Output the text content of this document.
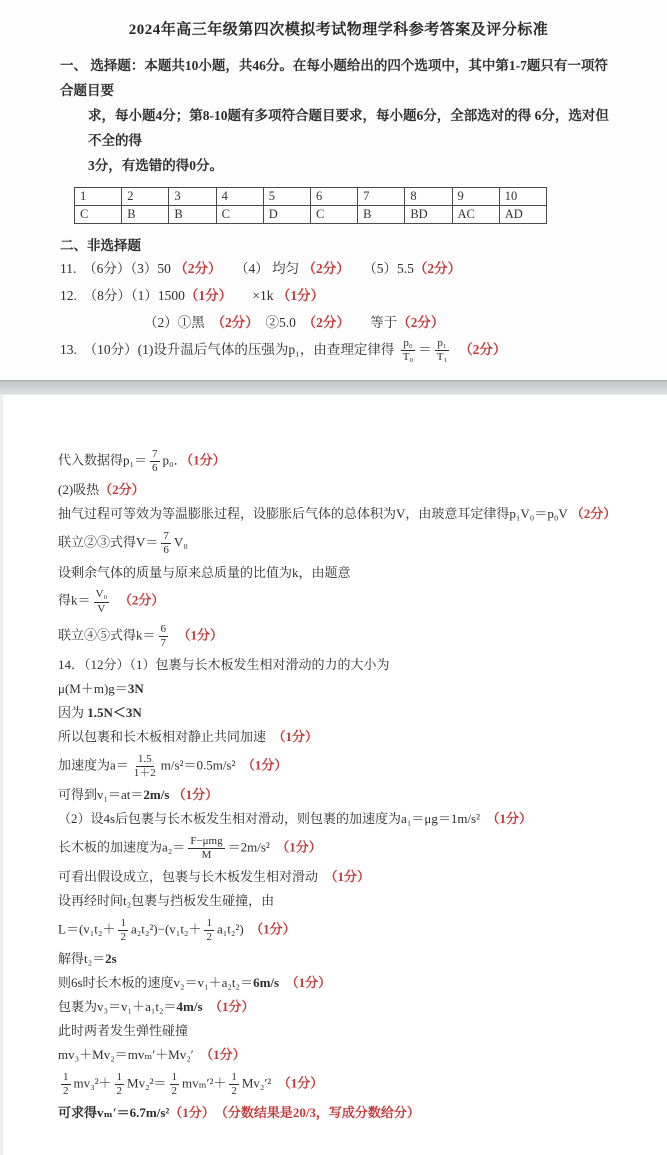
2024年高三年级第四次模拟考试物理学科参考答案及评分标准
一、 选择题：本题共10小题，共46分。在每小题给出的四个选项中，其中第1-7题只有一项符合题目要
求，每小题4分；第8-10题有多项符合题目要求，每小题6分，全部选对的得 6分，选对但不全的得
3分，有选错的得0分。
1	2	3	4	5	6	7	8	9	10
C	B	B	C	D	C	B	BD	AC	AD
二、非选择题
11.　（6分）（3）50 （2分）　　（4） 均匀 （2分）　　（5）5.5（2分）
12.　（8分）（1）1500（1分）　　×1k （1分）
（2）①黑　（2分）　②5.0　（2分）　　等于（2分）
13.　（10分）(1)设升温后气体的压强为p₁，由查理定律得 $\frac{\text{p₀}}{\text{T₀}} = \frac{\text{p₁}}{\text{T₁}}$
　 （2分）
代入数据得$p_1= \frac{7}{6} p_0$．（1分）
(2)吸热（2分）
抽气过程可等效为等温膨胀过程，设膨胀后气体的总体积为V，由玻意耳定律得p₁V₀＝p₀V （2分）
联立②③式得$V= \frac{7}{6} V_0$
设剩余气体的质量与原来总质量的比值为k，由题意
得$k= \frac{\text{V₀}}{V}$
　 （2分）
联立④⑤式得$k= \frac{6}{7}$
　 （1分）
14．（12分）（1）包裹与长木板发生相对滑动的力的大小为
μ(M＋m)g＝3N
因为 1.5N＜3N
所以包裹和长木板相对静止共同加速　（1分）
加速度为$a= \frac{1.5}{1+2} m/s^2=0.5m/s^2$　（1分）
可得到v₁＝at＝2m/s （1分）
（2）设4s后包裹与长木板发生相对滑动，则包裹的加速度为a₁＝μg＝1m/s²　（1分）
长木板的加速度为$a_2= \frac{\text{F−μmg}}{M} =2m/s^2$　（1分）
可看出假设成立，包裹与长木板发生相对滑动　（1分）
设再经时间t₂包裹与挡板发生碰撞，由
$L=(v_1t_2+ \frac{1}{2} a_2t_2^2)-(v_1t_2+ \frac{1}{2} a_1t_2^2)$　（1分）
解得t₂＝2s
则6s时长木板的速度v₂＝v₁＋a₂t₂＝6m/s　 （1分）
包裹为v₃＝v₁＋a₁t₂＝4m/s　 （1分）
此时两者发生弹性碰撞
mv₃＋Mv₂＝mvₘ′＋Mv₂′　（1分）
$\frac{1}{2} mv_3^2+ \frac{1}{2} Mv_2^2= \frac{1}{2} mv_m'^2+ \frac{1}{2} Mv_2'^2$　（1分）
可求得vₘ′＝6.7m/s²（1分）　 （分数结果是20/3，写成分数给分）
